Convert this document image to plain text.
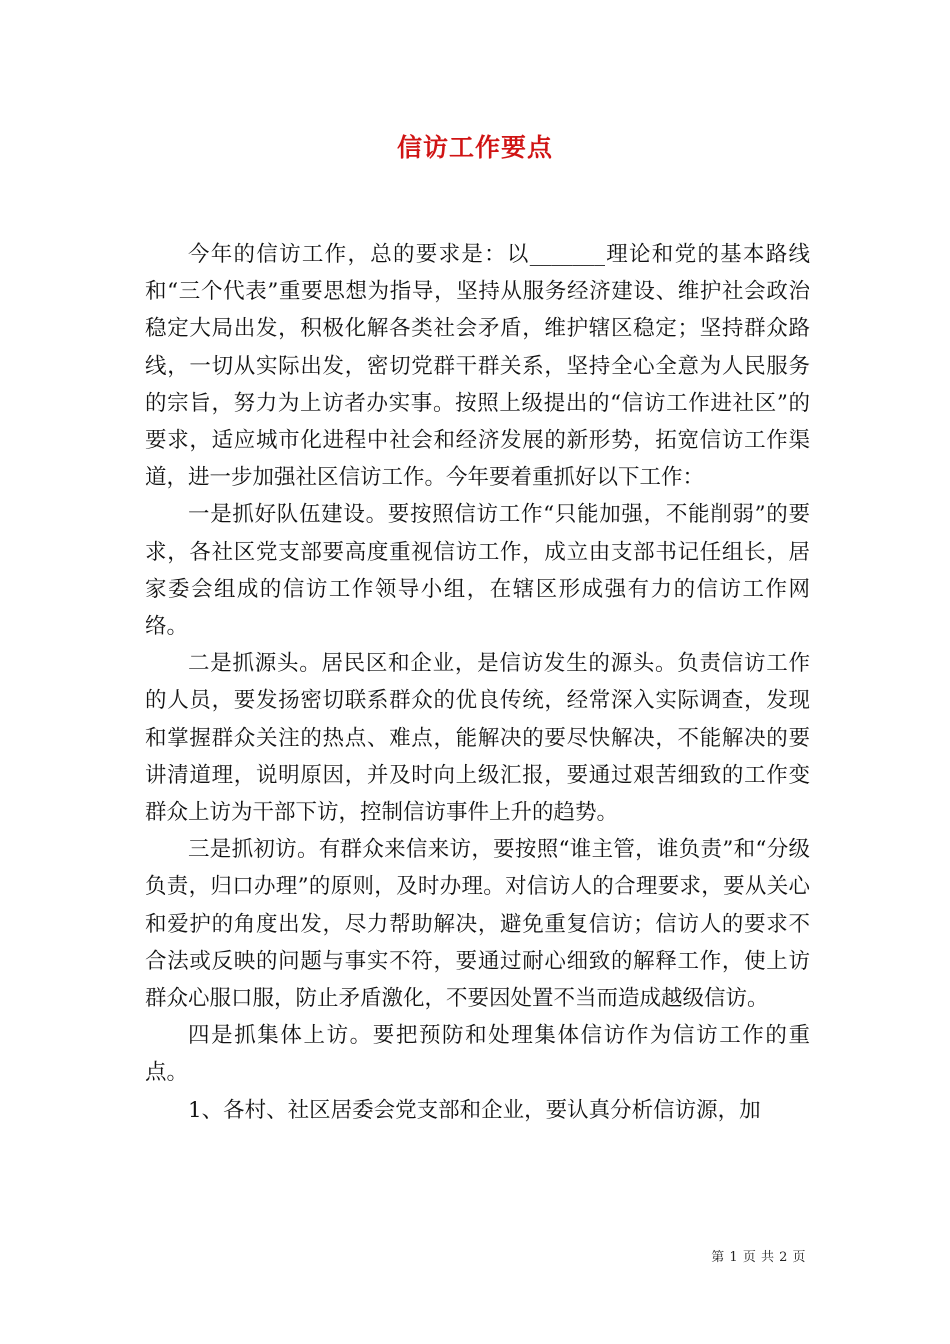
信访工作要点

今年的信访工作，总的要求是：以_______理论和党的基本路线和“三个代表”重要思想为指导，坚持从服务经济建设、维护社会政治稳定大局出发，积极化解各类社会矛盾，维护辖区稳定；坚持群众路线，一切从实际出发，密切党群干群关系，坚持全心全意为人民服务的宗旨，努力为上访者办实事。按照上级提出的“信访工作进社区”的要求，适应城市化进程中社会和经济发展的新形势，拓宽信访工作渠道，进一步加强社区信访工作。今年要着重抓好以下工作：

一是抓好队伍建设。要按照信访工作“只能加强，不能削弱”的要求，各社区党支部要高度重视信访工作，成立由支部书记任组长，居家委会组成的信访工作领导小组，在辖区形成强有力的信访工作网络。

二是抓源头。居民区和企业，是信访发生的源头。负责信访工作的人员，要发扬密切联系群众的优良传统，经常深入实际调查，发现和掌握群众关注的热点、难点，能解决的要尽快解决，不能解决的要讲清道理，说明原因，并及时向上级汇报，要通过艰苦细致的工作变群众上访为干部下访，控制信访事件上升的趋势。

三是抓初访。有群众来信来访，要按照“谁主管，谁负责”和“分级负责，归口办理”的原则，及时办理。对信访人的合理要求，要从关心和爱护的角度出发，尽力帮助解决，避免重复信访；信访人的要求不合法或反映的问题与事实不符，要通过耐心细致的解释工作，使上访群众心服口服，防止矛盾激化，不要因处置不当而造成越级信访。

四是抓集体上访。要把预防和处理集体信访作为信访工作的重点。

1、各村、社区居委会党支部和企业，要认真分析信访源，加

第 1 页 共 2 页
